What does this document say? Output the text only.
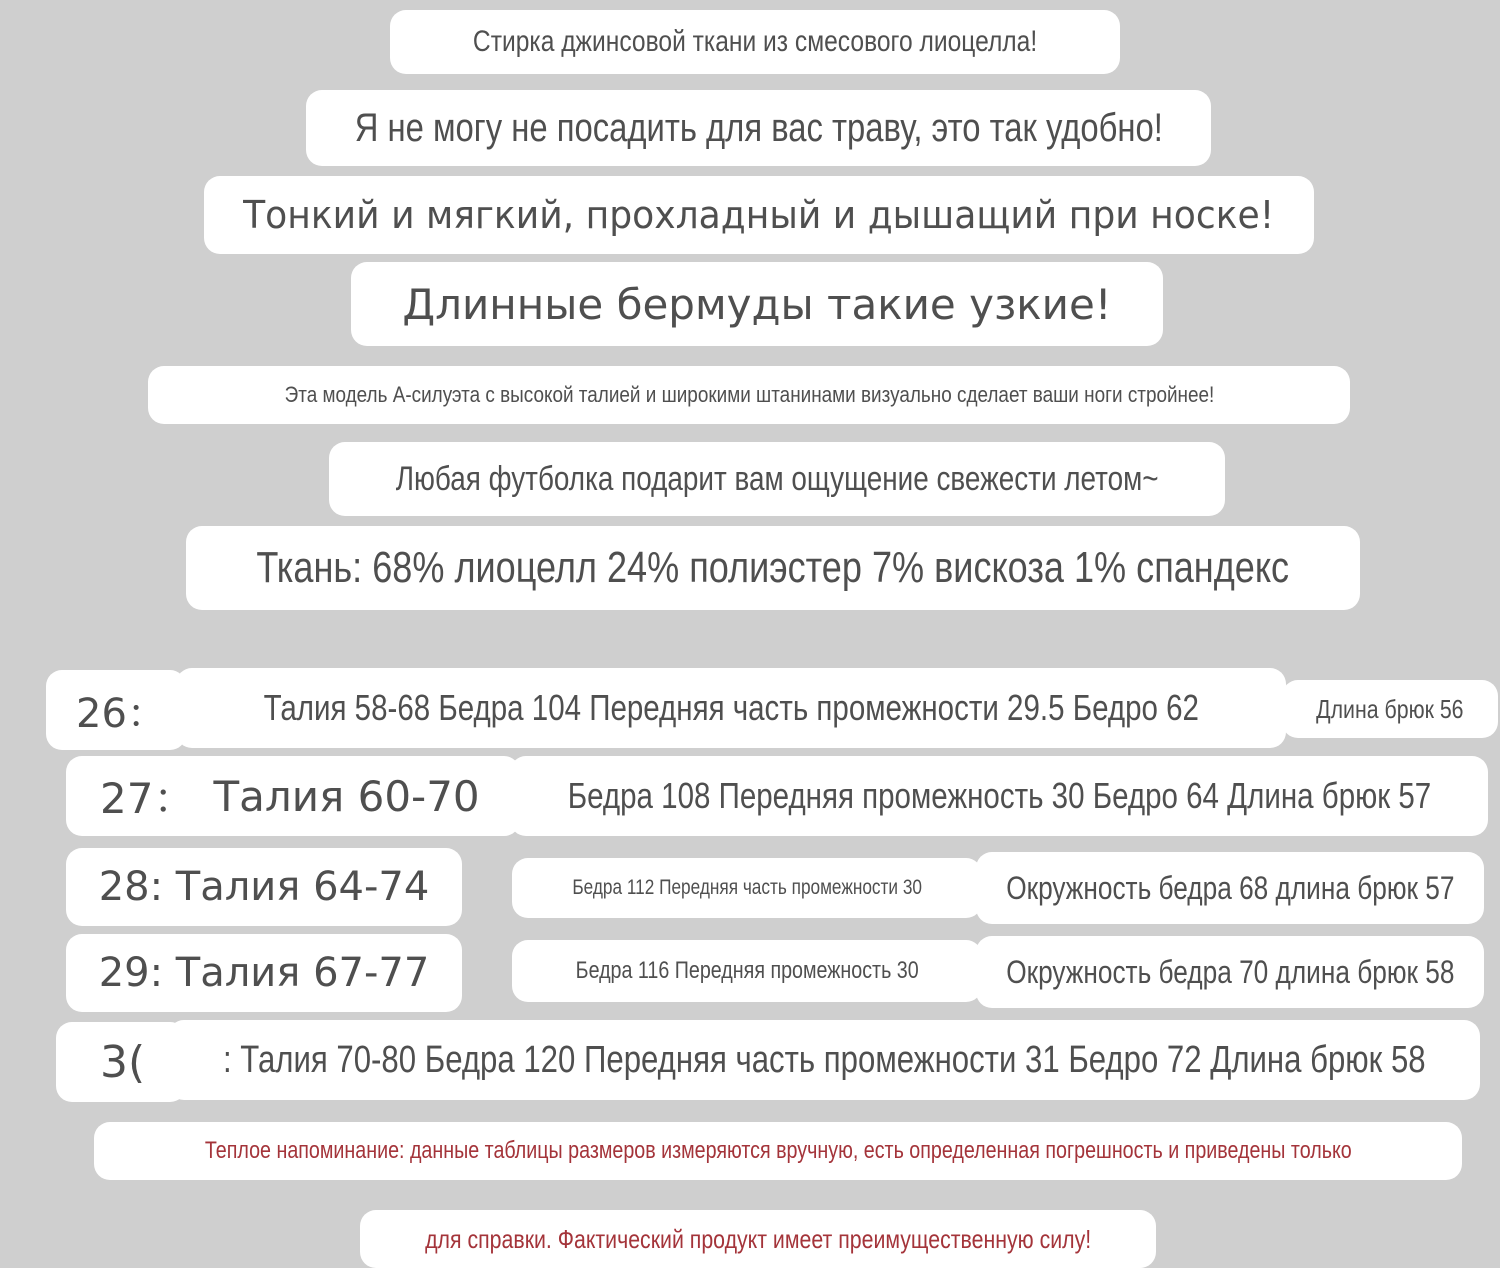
Стирка джинсовой ткани из смесового лиоцелла!
Я не могу не посадить для вас траву, это так удобно!
Тонкий и мягкий, прохладный и дышащий при носке!
Длинные бермуды такие узкие!
Эта модель А-силуэта с высокой талией и широкими штанинами визуально сделает ваши ноги стройнее!
Любая футболка подарит вам ощущение свежести летом~
Ткань: 68% лиоцелл 24% полиэстер 7% вискоза 1% спандекс
26：	Талия 58-68 Бедра 104 Передняя часть промежности 29.5 Бедро 62	Длина брюк 56
27： Талия 60-70 Бедра 108 Передняя промежность 30 Бедро 64 Длина брюк 57
28: Талия 64-74	Бедра 112 Передняя часть промежности 30	Окружность бедра 68 длина брюк 57
29: Талия 67-77	Бедра 116 Передняя промежность 30	Окружность бедра 70 длина брюк 58
3( : Талия 70-80 Бедра 120 Передняя часть промежности 31 Бедро 72 Длина брюк 58
Теплое напоминание: данные таблицы размеров измеряются вручную, есть определенная погрешность и приведены только
для справки. Фактический продукт имеет преимущественную силу!
